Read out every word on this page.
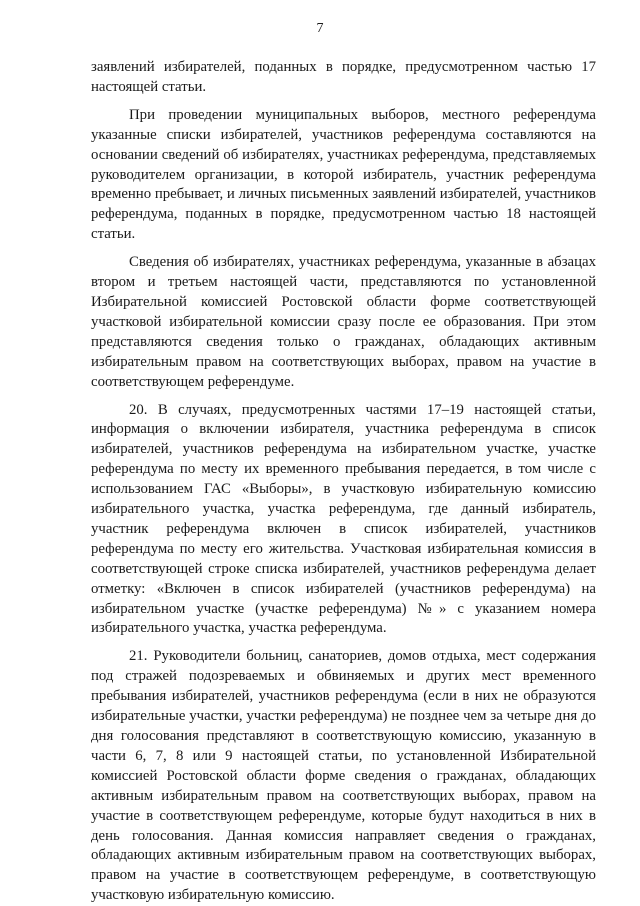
7

заявлений избирателей, поданных в порядке, предусмотренном частью 17 настоящей статьи.

При проведении муниципальных выборов, местного референдума указанные списки избирателей, участников референдума составляются на основании сведений об избирателях, участниках референдума, представляемых руководителем организации, в которой избиратель, участник референдума временно пребывает, и личных письменных заявлений избирателей, участников референдума, поданных в порядке, предусмотренном частью 18 настоящей статьи.

Сведения об избирателях, участниках референдума, указанные в абзацах втором и третьем настоящей части, представляются по установленной Избирательной комиссией Ростовской области форме соответствующей участковой избирательной комиссии сразу после ее образования. При этом представляются сведения только о гражданах, обладающих активным избирательным правом на соответствующих выборах, правом на участие в соответствующем референдуме.

20. В случаях, предусмотренных частями 17–19 настоящей статьи, информация о включении избирателя, участника референдума в список избирателей, участников референдума на избирательном участке, участке референдума по месту их временного пребывания передается, в том числе с использованием ГАС «Выборы», в участковую избирательную комиссию избирательного участка, участка референдума, где данный избиратель, участник референдума включен в список избирателей, участников референдума по месту его жительства. Участковая избирательная комиссия в соответствующей строке списка избирателей, участников референдума делает отметку: «Включен в список избирателей (участников референдума) на избирательном участке (участке референдума) №» с указанием номера избирательного участка, участка референдума.

21. Руководители больниц, санаториев, домов отдыха, мест содержания под стражей подозреваемых и обвиняемых и других мест временного пребывания избирателей, участников референдума (если в них не образуются избирательные участки, участки референдума) не позднее чем за четыре дня до дня голосования представляют в соответствующую комиссию, указанную в части 6, 7, 8 или 9 настоящей статьи, по установленной Избирательной комиссией Ростовской области форме сведения о гражданах, обладающих активным избирательным правом на соответствующих выборах, правом на участие в соответствующем референдуме, которые будут находиться в них в день голосования. Данная комиссия направляет сведения о гражданах, обладающих активным избирательным правом на соответствующих выборах, правом на участие в соответствующем референдуме, в соответствующую участковую избирательную комиссию.
